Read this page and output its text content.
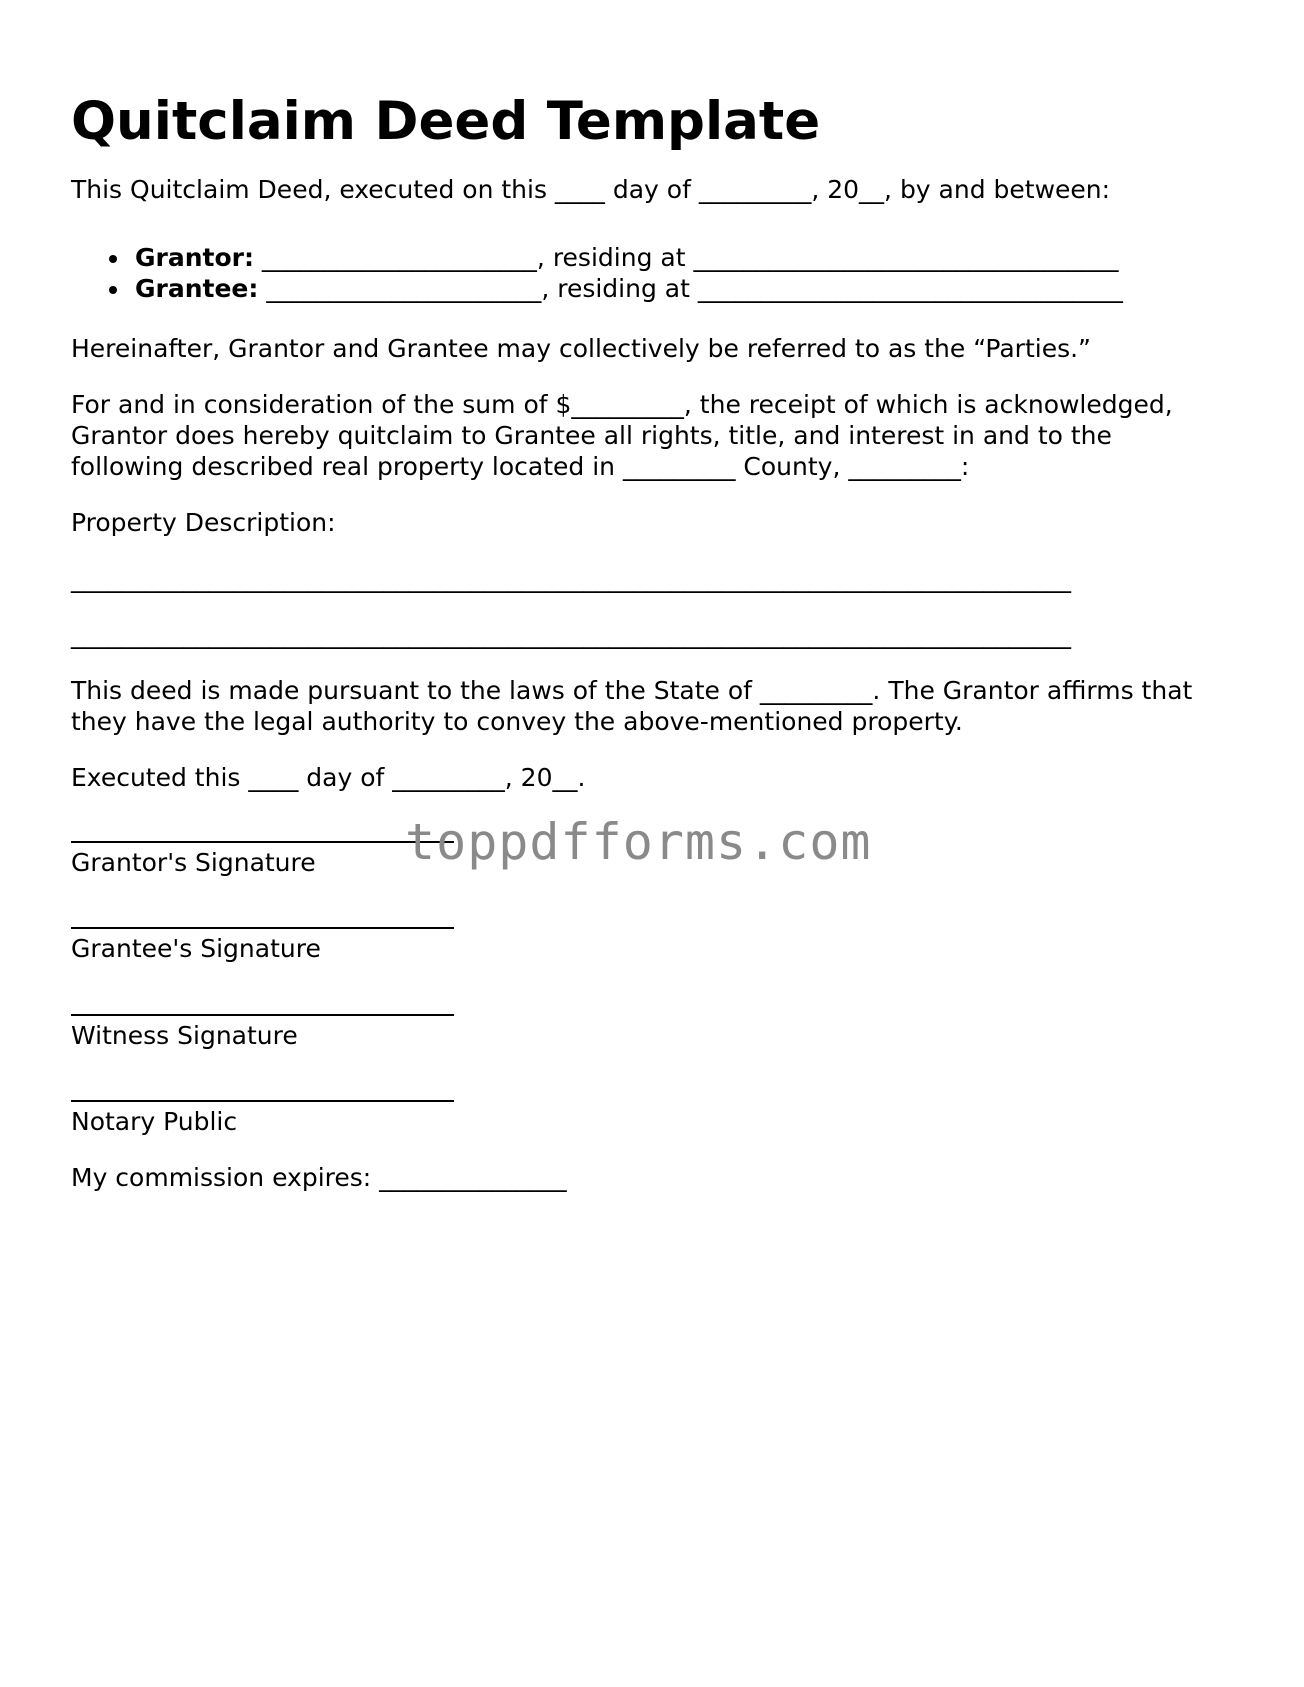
Quitclaim Deed Template

This Quitclaim Deed, executed on this ____ day of _________, 20__, by and between:

Grantor: ______________________, residing at __________________________________
Grantee: ______________________, residing at __________________________________

Hereinafter, Grantor and Grantee may collectively be referred to as the “Parties.”

For and in consideration of the sum of $_________, the receipt of which is acknowledged,

Grantor does hereby quitclaim to Grantee all rights, title, and interest in and to the

following described real property located in _________ County, _________:

Property Description:

________________________________________________________________________________

________________________________________________________________________________

This deed is made pursuant to the laws of the State of _________. The Grantor affirms that

they have the legal authority to convey the above-mentioned property.

Executed this ____ day of _________, 20__.

Grantor's Signature

Grantee's Signature

Witness Signature

Notary Public

My commission expires: _______________

toppdfforms.com
